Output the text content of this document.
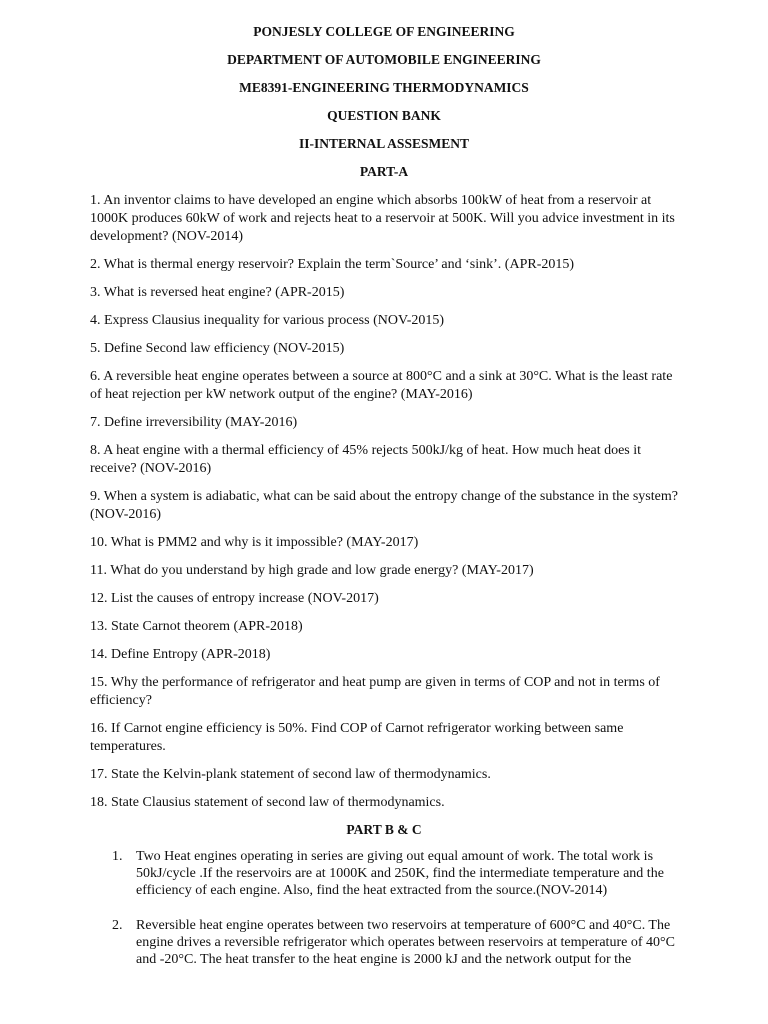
PONJESLY COLLEGE OF ENGINEERING
DEPARTMENT OF AUTOMOBILE ENGINEERING
ME8391-ENGINEERING THERMODYNAMICS
QUESTION BANK
II-INTERNAL ASSESMENT
PART-A

1. An inventor claims to have developed an engine which absorbs 100kW of heat from a reservoir at 1000K produces 60kW of work and rejects heat to a reservoir at 500K. Will you advice investment in its development? (NOV-2014)

2. What is thermal energy reservoir? Explain the term`Source’ and ‘sink’. (APR-2015)

3. What is reversed heat engine? (APR-2015)

4. Express Clausius inequality for various process (NOV-2015)

5. Define Second law efficiency (NOV-2015)

6. A reversible heat engine operates between a source at 800°C and a sink at 30°C. What is the least rate of heat rejection per kW network output of the engine? (MAY-2016)

7. Define irreversibility (MAY-2016)

8. A heat engine with a thermal efficiency of 45% rejects 500kJ/kg of heat. How much heat does it receive? (NOV-2016)

9. When a system is adiabatic, what can be said about the entropy change of the substance in the system? (NOV-2016)

10. What is PMM2 and why is it impossible? (MAY-2017)

11. What do you understand by high grade and low grade energy? (MAY-2017)

12. List the causes of entropy increase (NOV-2017)

13. State Carnot theorem (APR-2018)

14. Define Entropy (APR-2018)

15. Why the performance of refrigerator and heat pump are given in terms of COP and not in terms of efficiency?

16. If Carnot engine efficiency is 50%. Find COP of Carnot refrigerator working between same temperatures.

17. State the Kelvin-plank statement of second law of thermodynamics.

18. State Clausius statement of second law of thermodynamics.

PART B & C
1. Two Heat engines operating in series are giving out equal amount of work. The total work is 50kJ/cycle .If the reservoirs are at 1000K and 250K, find the intermediate temperature and the efficiency of each engine. Also, find the heat extracted from the source.(NOV-2014)
2. Reversible heat engine operates between two reservoirs at temperature of 600°C and 40°C. The engine drives a reversible refrigerator which operates between reservoirs at temperature of 40°C and -20°C. The heat transfer to the heat engine is 2000 kJ and the network output for the
